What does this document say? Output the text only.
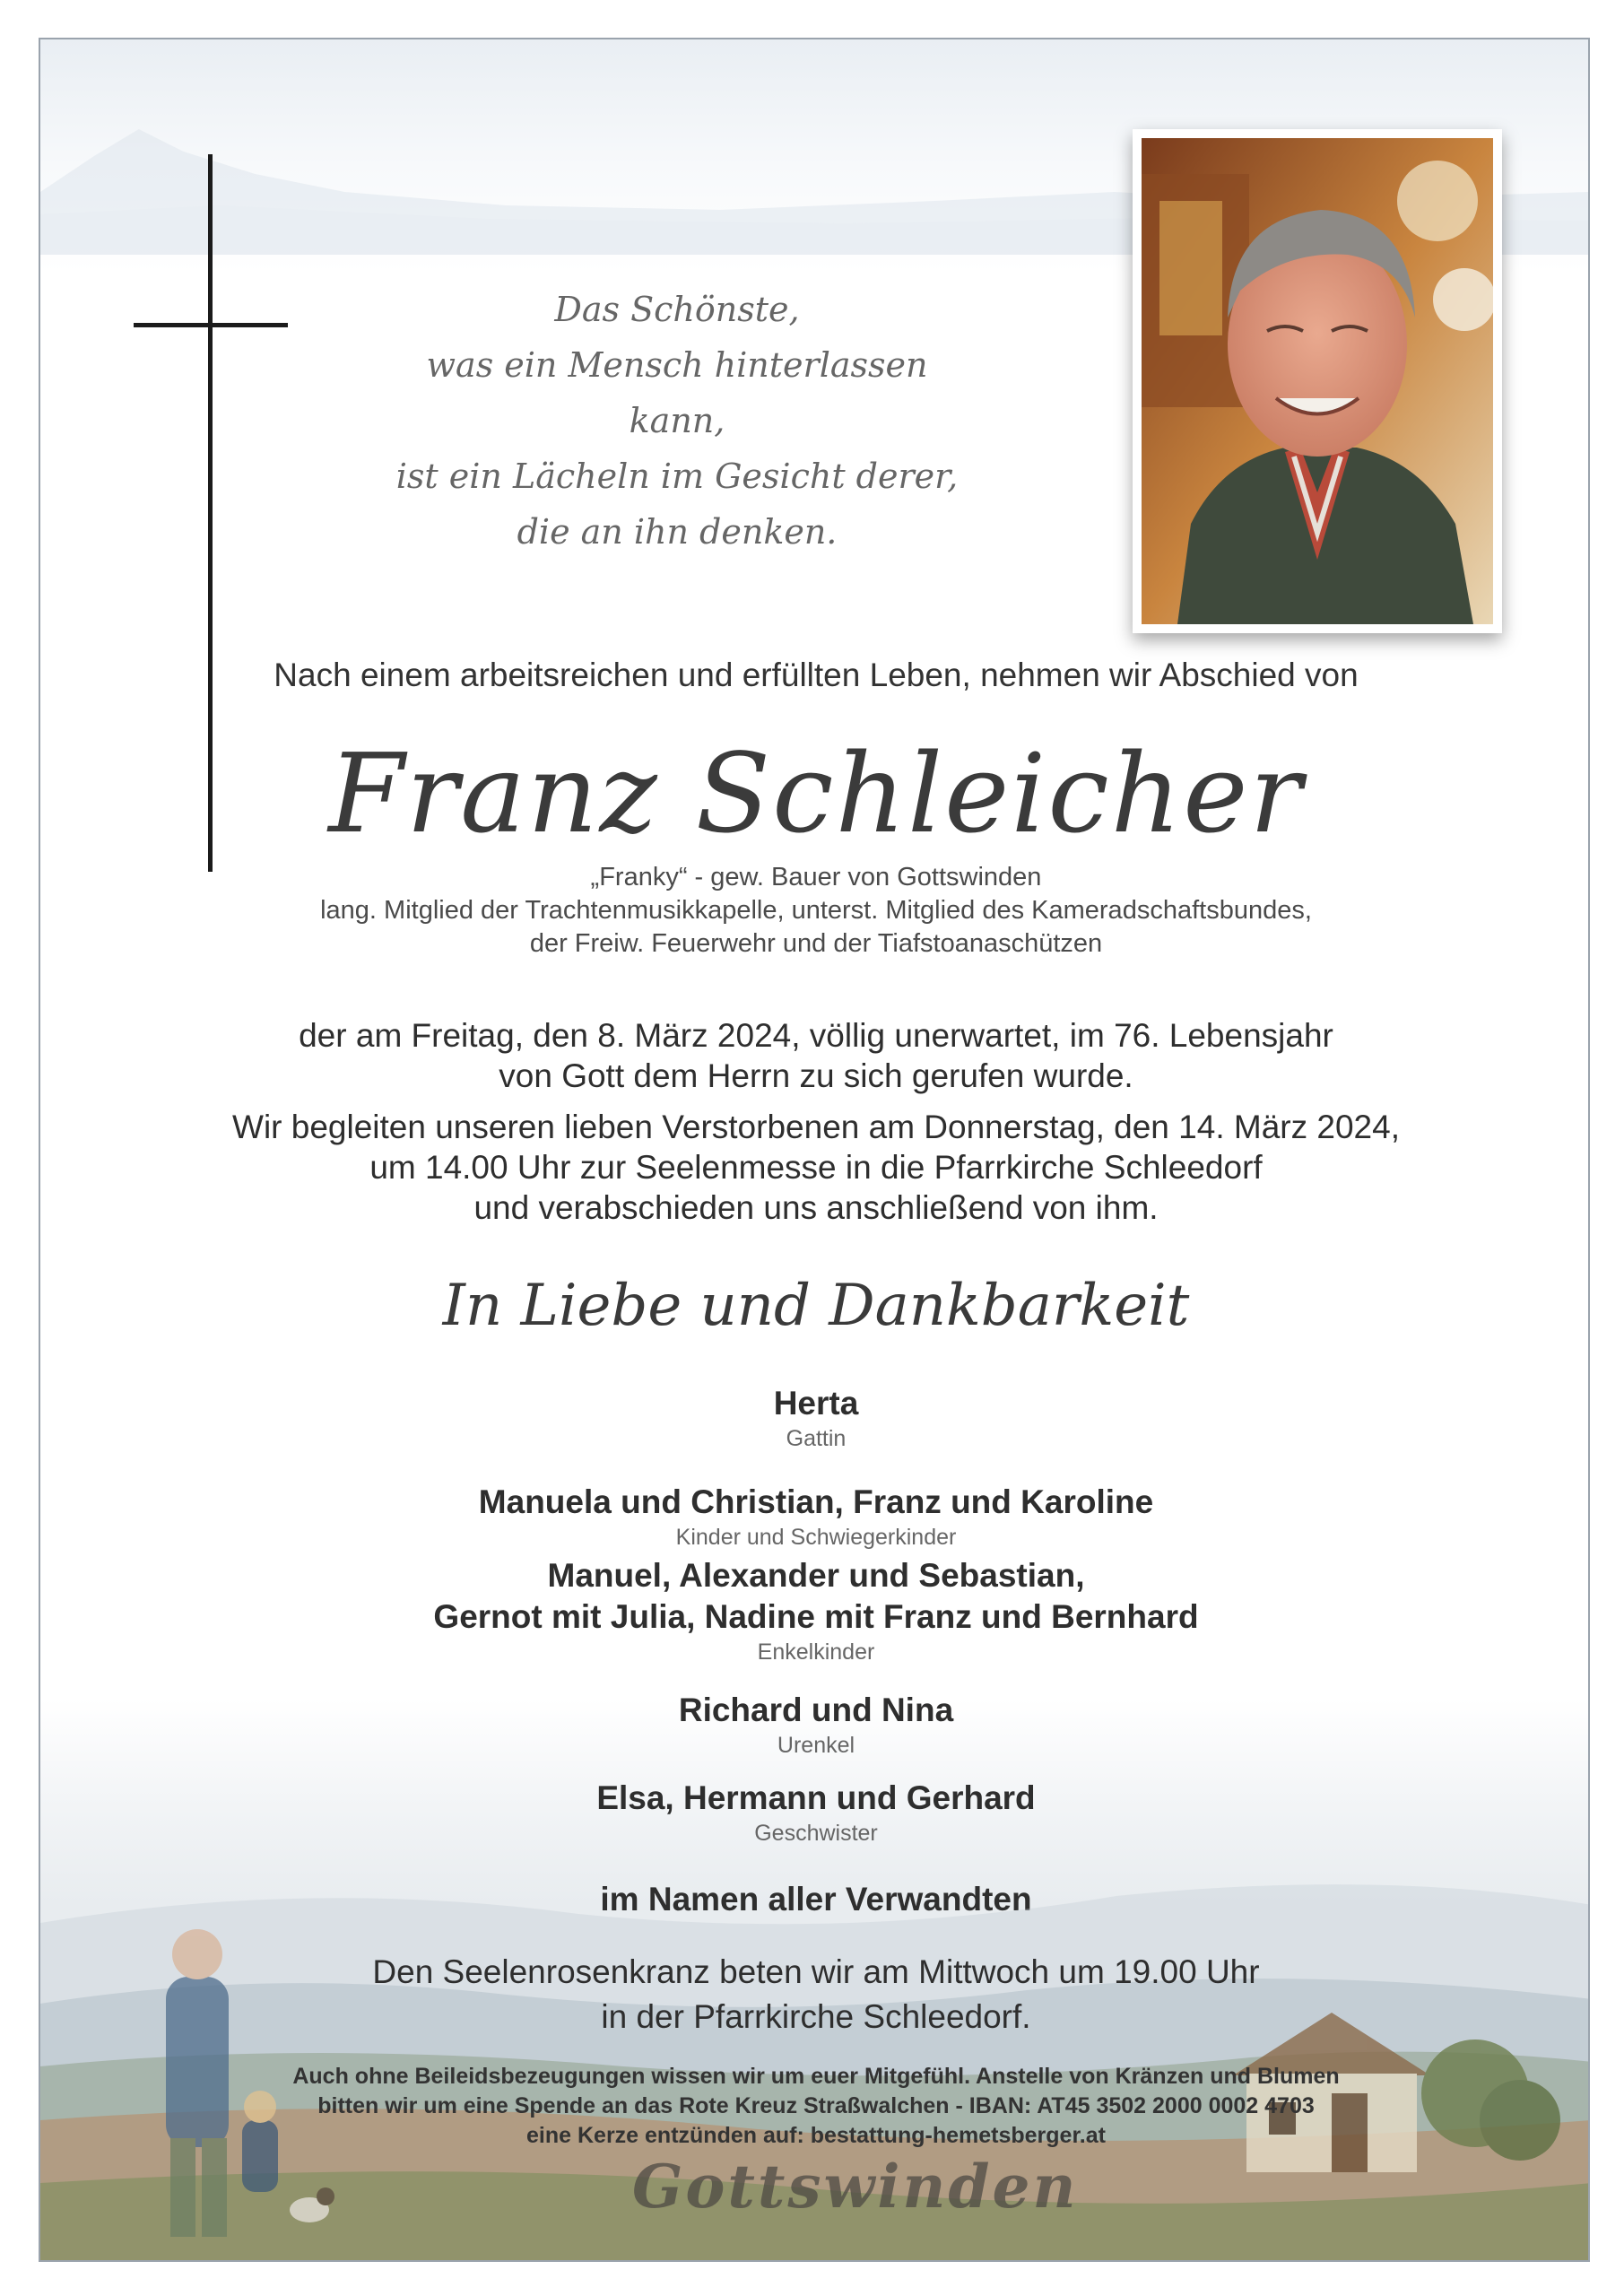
Das Schönste,
was ein Mensch hinterlassen kann,
ist ein Lächeln im Gesicht derer,
die an ihn denken.
Nach einem arbeitsreichen und erfüllten Leben, nehmen wir Abschied von
Franz Schleicher
„Franky“ - gew. Bauer von Gottswinden
lang. Mitglied der Trachtenmusikkapelle, unterst. Mitglied des Kameradschaftsbundes,
der Freiw. Feuerwehr und der Tiafstoanaschützen
der am Freitag, den 8. März 2024, völlig unerwartet, im 76. Lebensjahr
von Gott dem Herrn zu sich gerufen wurde.
Wir begleiten unseren lieben Verstorbenen am Donnerstag, den 14. März 2024,
um 14.00 Uhr zur Seelenmesse in die Pfarrkirche Schleedorf
und verabschieden uns anschließend von ihm.
In Liebe und Dankbarkeit
Herta
Gattin
Manuela und Christian, Franz und Karoline
Kinder und Schwiegerkinder
Manuel, Alexander und Sebastian,
Gernot mit Julia, Nadine mit Franz und Bernhard
Enkelkinder
Richard und Nina
Urenkel
Elsa, Hermann und Gerhard
Geschwister
im Namen aller Verwandten
Den Seelenrosenkranz beten wir am Mittwoch um 19.00 Uhr
in der Pfarrkirche Schleedorf.
Auch ohne Beileidsbezeugungen wissen wir um euer Mitgefühl. Anstelle von Kränzen und Blumen
bitten wir um eine Spende an das Rote Kreuz Straßwalchen - IBAN: AT45 3502 2000 0002 4703
eine Kerze entzünden auf: bestattung-hemetsberger.at
Gottswinden
